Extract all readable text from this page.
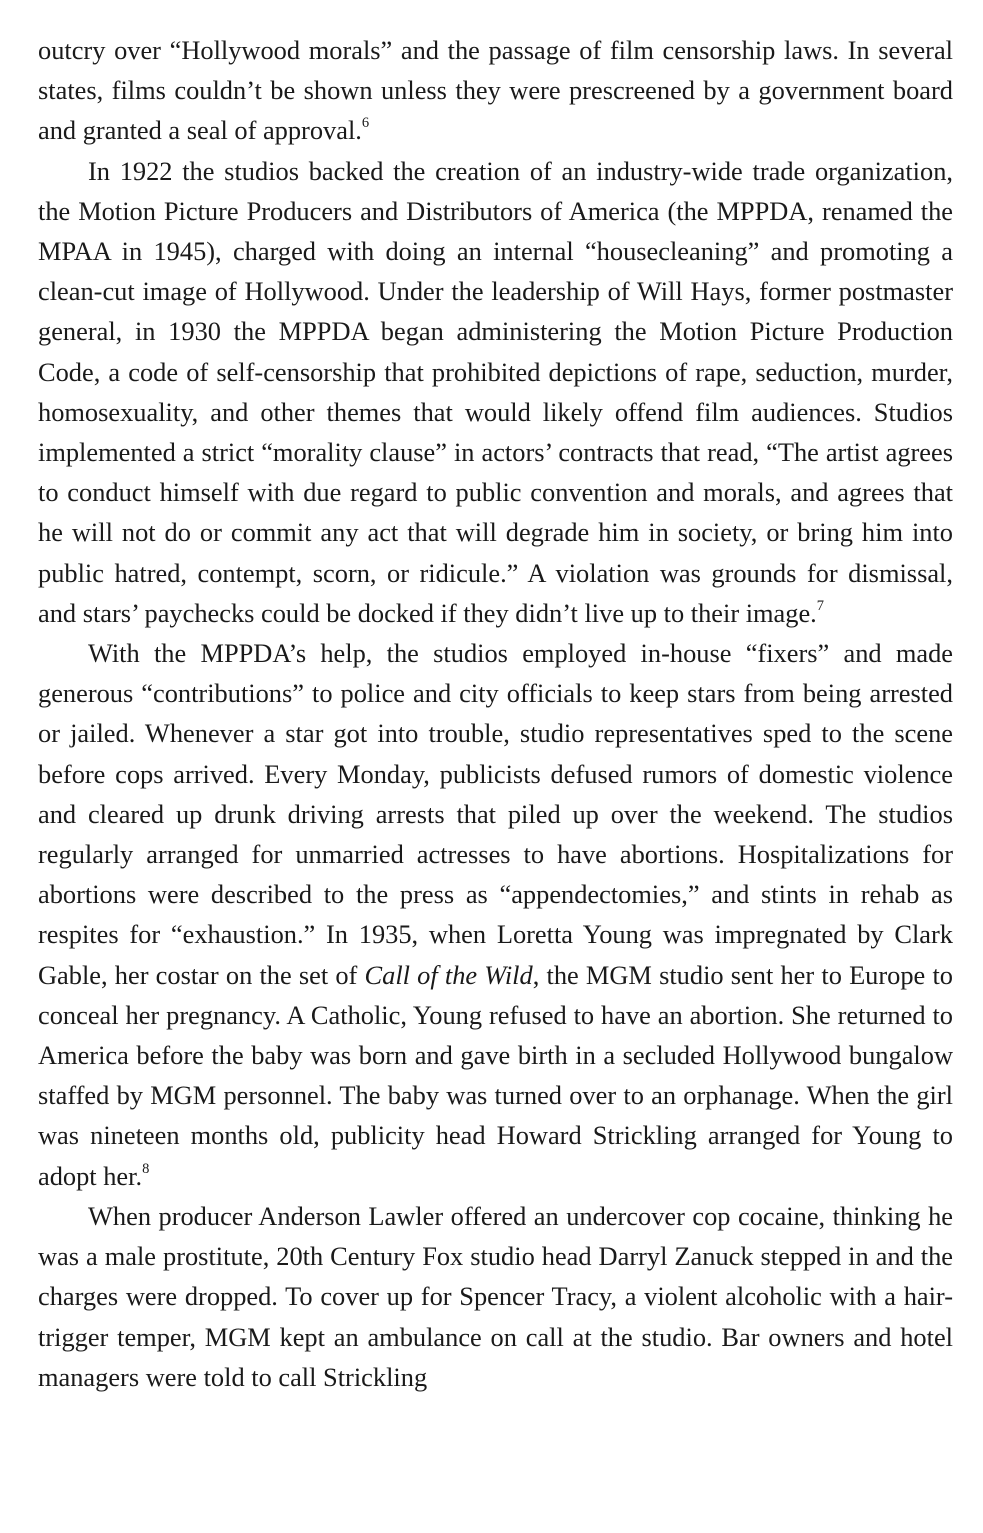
outcry over “Hollywood morals” and the passage of film censorship laws. In several states, films couldn’t be shown unless they were prescreened by a government board and granted a seal of approval.$^6$

In 1922 the studios backed the creation of an industry-wide trade organization, the Motion Picture Producers and Distributors of America (the MPPDA, renamed the MPAA in 1945), charged with doing an internal “housecleaning” and promoting a clean-cut image of Hollywood. Under the leadership of Will Hays, former postmaster general, in 1930 the MPPDA began administering the Motion Picture Production Code, a code of self-censorship that prohibited depictions of rape, seduction, murder, homosexuality, and other themes that would likely offend film audiences. Studios implemented a strict “morality clause” in actors’ contracts that read, “The artist agrees to conduct himself with due regard to public convention and morals, and agrees that he will not do or commit any act that will degrade him in society, or bring him into public hatred, contempt, scorn, or ridicule.” A violation was grounds for dismissal, and stars’ paychecks could be docked if they didn’t live up to their image.$^7$

With the MPPDA’s help, the studios employed in-house “fixers” and made generous “contributions” to police and city officials to keep stars from being arrested or jailed. Whenever a star got into trouble, studio representatives sped to the scene before cops arrived. Every Monday, publicists defused rumors of domestic violence and cleared up drunk driving arrests that piled up over the weekend. The studios regularly arranged for unmarried actresses to have abortions. Hospitalizations for abortions were described to the press as “appendectomies,” and stints in rehab as respites for “exhaustion.” In 1935, when Loretta Young was impregnated by Clark Gable, her costar on the set of Call of the Wild, the MGM studio sent her to Europe to conceal her pregnancy. A Catholic, Young refused to have an abortion. She returned to America before the baby was born and gave birth in a secluded Hollywood bungalow staffed by MGM personnel. The baby was turned over to an orphanage. When the girl was nineteen months old, publicity head Howard Strickling arranged for Young to adopt her.$^8$

When producer Anderson Lawler offered an undercover cop cocaine, thinking he was a male prostitute, 20th Century Fox studio head Darryl Zanuck stepped in and the charges were dropped. To cover up for Spencer Tracy, a violent alcoholic with a hair-trigger temper, MGM kept an ambulance on call at the studio. Bar owners and hotel managers were told to call Strickling
